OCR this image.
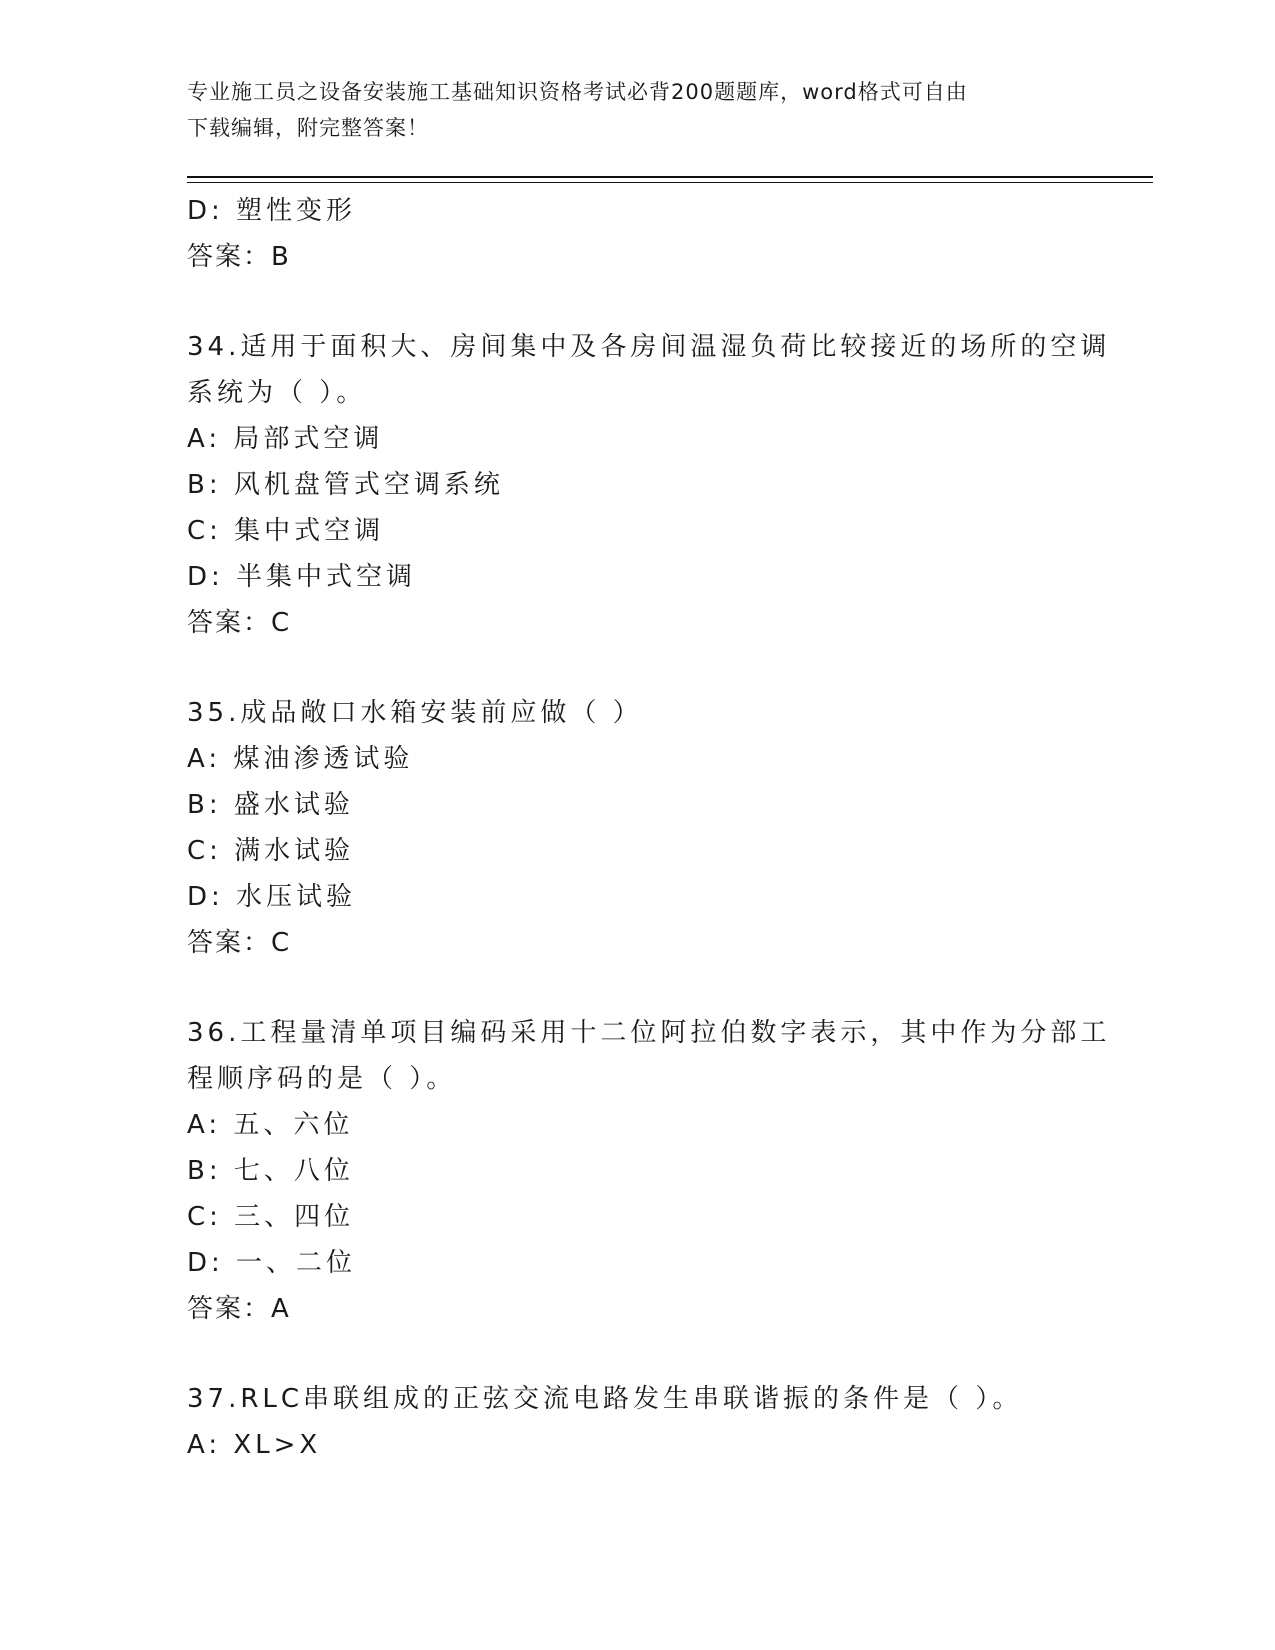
专业施工员之设备安装施工基础知识资格考试必背200题题库，word格式可自由
下载编辑，附完整答案！
D: 塑性变形
答案：B
34.适用于面积大、房间集中及各房间温湿负荷比较接近的场所的空调
系统为（ ）。
A: 局部式空调
B: 风机盘管式空调系统
C: 集中式空调
D: 半集中式空调
答案：C
35.成品敞口水箱安装前应做（ ）
A: 煤油渗透试验
B: 盛水试验
C: 满水试验
D: 水压试验
答案：C
36.工程量清单项目编码采用十二位阿拉伯数字表示，其中作为分部工
程顺序码的是（ ）。
A: 五、六位
B: 七、八位
C: 三、四位
D: 一、二位
答案：A
37.RLC串联组成的正弦交流电路发生串联谐振的条件是（ ）。
A: XL>X
